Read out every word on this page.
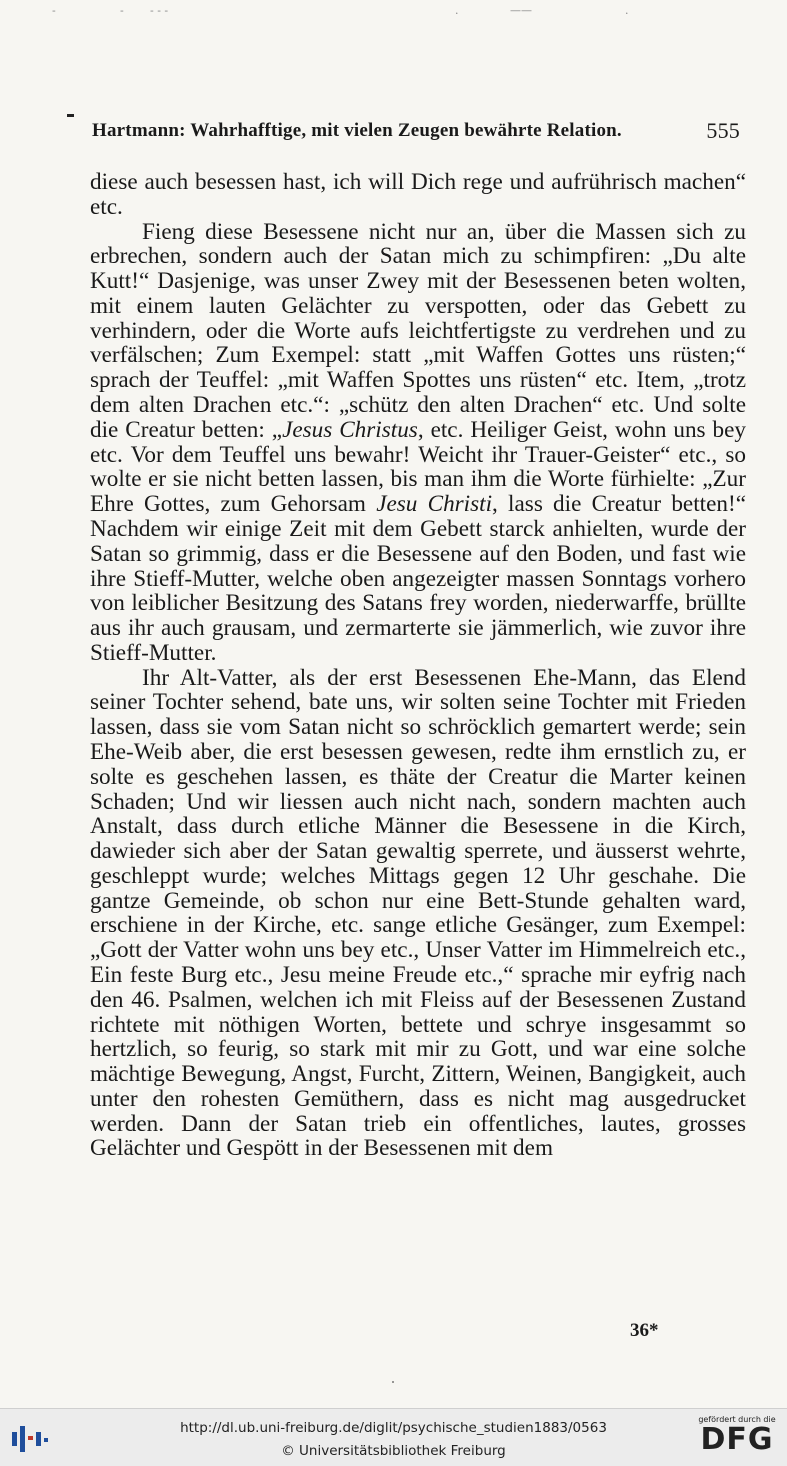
-	- - - -	.	——	.
Hartmann: Wahrhafftige, mit vielen Zeugen bewährte Relation.	555

diese auch besessen hast, ich will Dich rege und aufrührisch machen“ etc.

Fieng diese Besessene nicht nur an, über die Massen sich zu erbrechen, sondern auch der Satan mich zu schimpfiren: „Du alte Kutt!“ Dasjenige, was unser Zwey mit der Besessenen beten wolten, mit einem lauten Gelächter zu verspotten, oder das Gebett zu verhindern, oder die Worte aufs leichtfertigste zu verdrehen und zu verfälschen; Zum Exempel: statt „mit Waffen Gottes uns rüsten;“ sprach der Teuffel: „mit Waffen Spottes uns rüsten“ etc. Item, „trotz dem alten Drachen etc.“: „schütz den alten Drachen“ etc. Und solte die Creatur betten: „Jesus Christus, etc. Heiliger Geist, wohn uns bey etc. Vor dem Teuffel uns bewahr! Weicht ihr Trauer-Geister“ etc., so wolte er sie nicht betten lassen, bis man ihm die Worte fürhielte: „Zur Ehre Gottes, zum Gehorsam Jesu Christi, lass die Creatur betten!“ Nachdem wir einige Zeit mit dem Gebett starck anhielten, wurde der Satan so grimmig, dass er die Besessene auf den Boden, und fast wie ihre Stieff-Mutter, welche oben angezeigter massen Sonntags vorhero von leiblicher Besitzung des Satans frey worden, niederwarffe, brüllte aus ihr auch grausam, und zermarterte sie jämmerlich, wie zuvor ihre Stieff-Mutter.

Ihr Alt-Vatter, als der erst Besessenen Ehe-Mann, das Elend seiner Tochter sehend, bate uns, wir solten seine Tochter mit Frieden lassen, dass sie vom Satan nicht so schröcklich gemartert werde; sein Ehe-Weib aber, die erst besessen gewesen, redte ihm ernstlich zu, er solte es geschehen lassen, es thäte der Creatur die Marter keinen Schaden; Und wir liessen auch nicht nach, sondern machten auch Anstalt, dass durch etliche Männer die Besessene in die Kirch, dawieder sich aber der Satan gewaltig sperrete, und äusserst wehrte, geschleppt wurde; welches Mittags gegen 12 Uhr geschahe. Die gantze Gemeinde, ob schon nur eine Bett-Stunde gehalten ward, erschiene in der Kirche, etc. sange etliche Gesänger, zum Exempel: „Gott der Vatter wohn uns bey etc., Unser Vatter im Himmelreich etc., Ein feste Burg etc., Jesu meine Freude etc.,“ sprache mir eyfrig nach den 46. Psalmen, welchen ich mit Fleiss auf der Besessenen Zustand richtete mit nöthigen Worten, bettete und schrye insgesammt so hertzlich, so feurig, so stark mit mir zu Gott, und war eine solche mächtige Bewegung, Angst, Furcht, Zittern, Weinen, Bangigkeit, auch unter den rohesten Gemüthern, dass es nicht mag ausgedrucket werden. Dann der Satan trieb ein offentliches, lautes, grosses Gelächter und Gespött in der Besessenen mit dem

36*
http://dl.ub.uni-freiburg.de/diglit/psychische_studien1883/0563
© Universitätsbibliothek Freiburg
gefördert durch die
DFG
